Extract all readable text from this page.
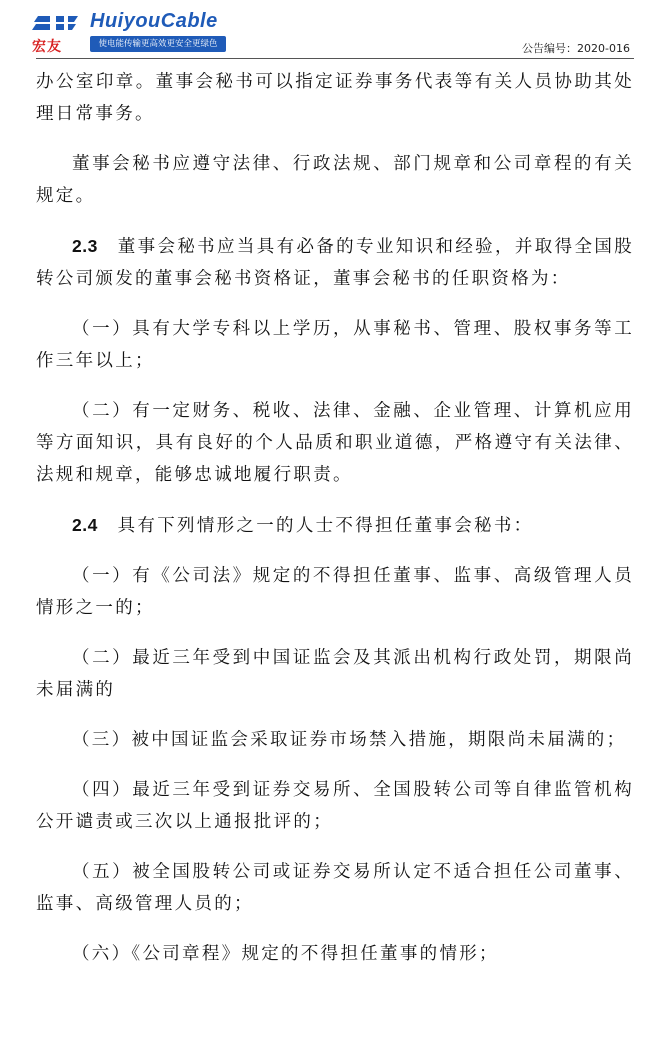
宏友
HuiyouCable
使电能传输更高效更安全更绿色	公告编号：2020-016

办公室印章。董事会秘书可以指定证券事务代表等有关人员协助其处理日常事务。

董事会秘书应遵守法律、行政法规、部门规章和公司章程的有关规定。

2.3　董事会秘书应当具有必备的专业知识和经验，并取得全国股转公司颁发的董事会秘书资格证，董事会秘书的任职资格为：

（一）具有大学专科以上学历，从事秘书、管理、股权事务等工作三年以上；

（二）有一定财务、税收、法律、金融、企业管理、计算机应用等方面知识，具有良好的个人品质和职业道德，严格遵守有关法律、法规和规章，能够忠诚地履行职责。

2.4　具有下列情形之一的人士不得担任董事会秘书：

（一）有《公司法》规定的不得担任董事、监事、高级管理人员情形之一的；

（二）最近三年受到中国证监会及其派出机构行政处罚，期限尚未届满的

（三）被中国证监会采取证券市场禁入措施，期限尚未届满的；

（四）最近三年受到证券交易所、全国股转公司等自律监管机构公开谴责或三次以上通报批评的；

（五）被全国股转公司或证券交易所认定不适合担任公司董事、监事、高级管理人员的；

（六）《公司章程》规定的不得担任董事的情形；
